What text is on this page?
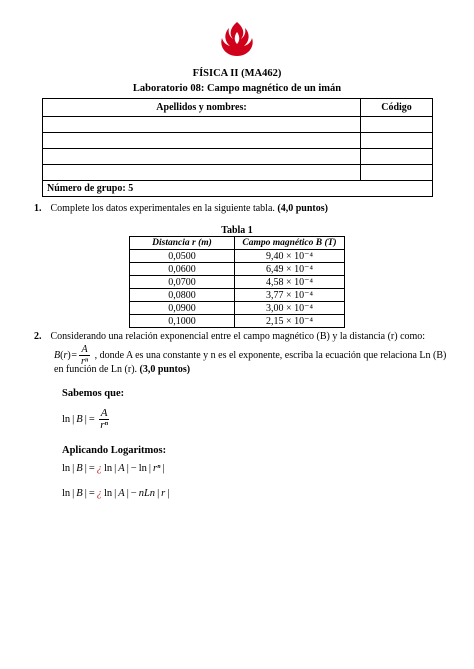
FÍSICA II (MA462)
Laboratorio 08: Campo magnético de un imán
Apellidos y nombres:	Código

Número de grupo: 5	
1. Complete los datos experimentales en la siguiente tabla. (4,0 puntos)
Tabla 1
Distancia r (m)	Campo magnético B (T)
0,0500	9,40 × 10⁻⁴
0,0600	6,49 × 10⁻⁴
0,0700	4,58 × 10⁻⁴
0,0800	3,77 × 10⁻⁴
0,0900	3,00 × 10⁻⁴
0,1000	2,15 × 10⁻⁴
2. Considerando una relación exponencial entre el campo magnético (B) y la distancia (r) como:
B ( r ) = $\frac{A}{\text{rⁿ}}$ , donde A es una constante y n es el exponente, escriba la ecuación que relaciona Ln (B)
en función de Ln (r). (3,0 puntos)
Sabemos que:
ln | B | = $\frac{A}{\text{rⁿ}}$
Aplicando Logaritmos:
ln | B | = ¿ ln | A | − ln | rⁿ |
ln | B | = ¿ ln | A | − nLn | r |
